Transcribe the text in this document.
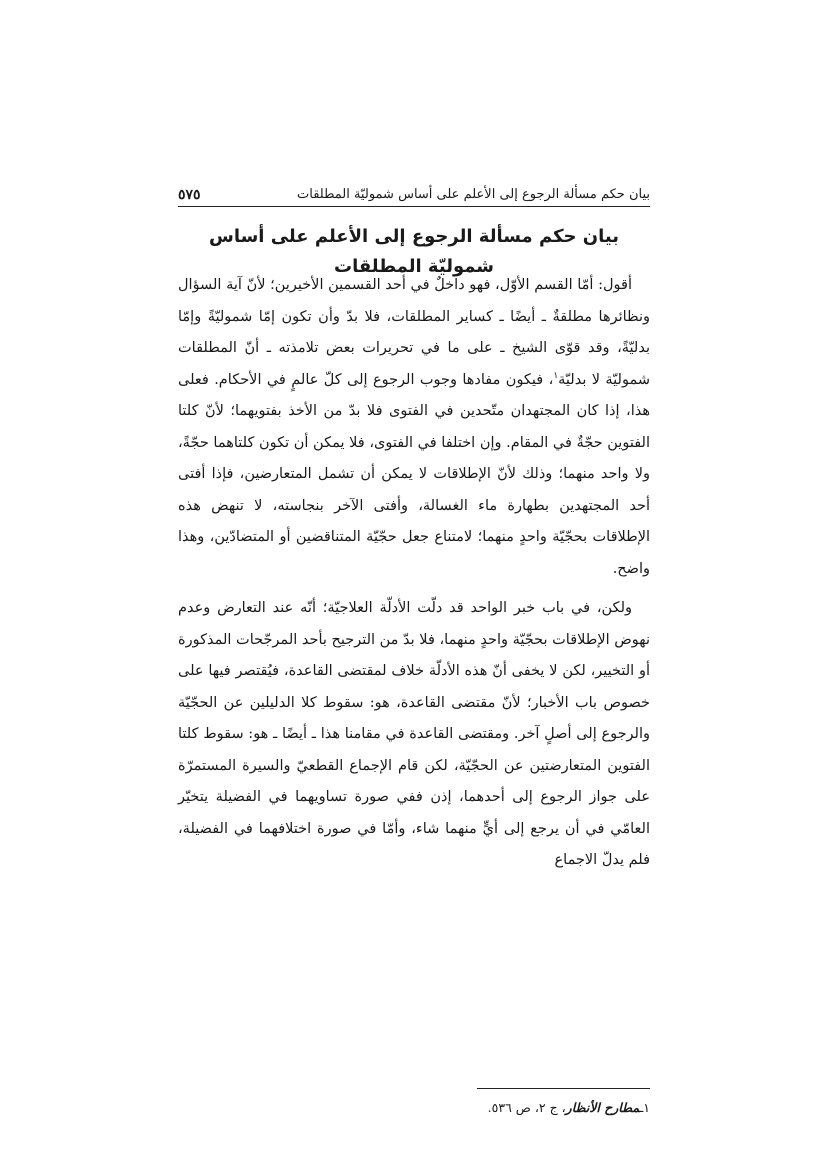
بيان حكم مسألة الرجوع إلى الأعلم على أساس شموليّة المطلقات
٥٧٥
بيان حكم مسألة الرجوع إلى الأعلم على أساس شموليّة المطلقات

أقول: أمّا القسم الأوّل، فهو داخلٌ في أحد القسمين الأخيرين؛ لأنّ آية السؤال ونظائرها مطلقةٌ ـ أيضًا ـ كساير المطلقات، فلا بدّ وأن تكون إمّا شموليّةً وإمّا بدليّةً، وقد قوّى الشيخ ـ على ما في تحريرات بعض تلامذته ـ أنّ المطلقات شموليّة لا بدليّة$^١$، فيكون مفادها وجوب الرجوع إلى كلّ عالمٍ في الأحكام. فعلى هذا، إذا كان المجتهدان متّحدين في الفتوى فلا بدّ من الأخذ بفتويهما؛ لأنّ كلتا الفتوين حجّةٌ في المقام. وإن اختلفا في الفتوى، فلا يمكن أن تكون كلتاهما حجّةً، ولا واحد منهما؛ وذلك لأنّ الإطلاقات لا يمكن أن تشمل المتعارضين، فإذا أفتى أحد المجتهدين بطهارة ماء الغسالة، وأفتى الآخر بنجاسته، لا تنهض هذه الإطلاقات بحجّيّة واحدٍ منهما؛ لامتناع جعل حجّيّة المتناقضين أو المتضادّين، وهذا واضح.

ولكن، في باب خبر الواحد قد دلّت الأدلّة العلاجيّة؛ أنّه عند التعارض وعدم نهوض الإطلاقات بحجّيّة واحدٍ منهما، فلا بدّ من الترجيح بأحد المرجّحات المذكورة أو التخيير، لكن لا يخفى أنّ هذه الأدلّة خلاف لمقتضى القاعدة، فيُقتصر فيها على خصوص باب الأخبار؛ لأنّ مقتضى القاعدة، هو: سقوط كلا الدليلين عن الحجّيّة والرجوع إلى أصلٍ آخر. ومقتضى القاعدة في مقامنا هذا ـ أيضًا ـ هو: سقوط كلتا الفتوين المتعارضتين عن الحجّيّة، لكن قام الإجماع القطعيّ والسيرة المستمرّة على جواز الرجوع إلى أحدهما، إذن ففي صورة تساويهما في الفضيلة يتخيّر العامّي في أن يرجع إلى أيٍّ منهما شاء، وأمّا في صورة اختلافهما في الفضيلة، فلم يدلّ الاجماع

١ـمطارح الأنظار، ج ٢، ص ٥٣٦.
